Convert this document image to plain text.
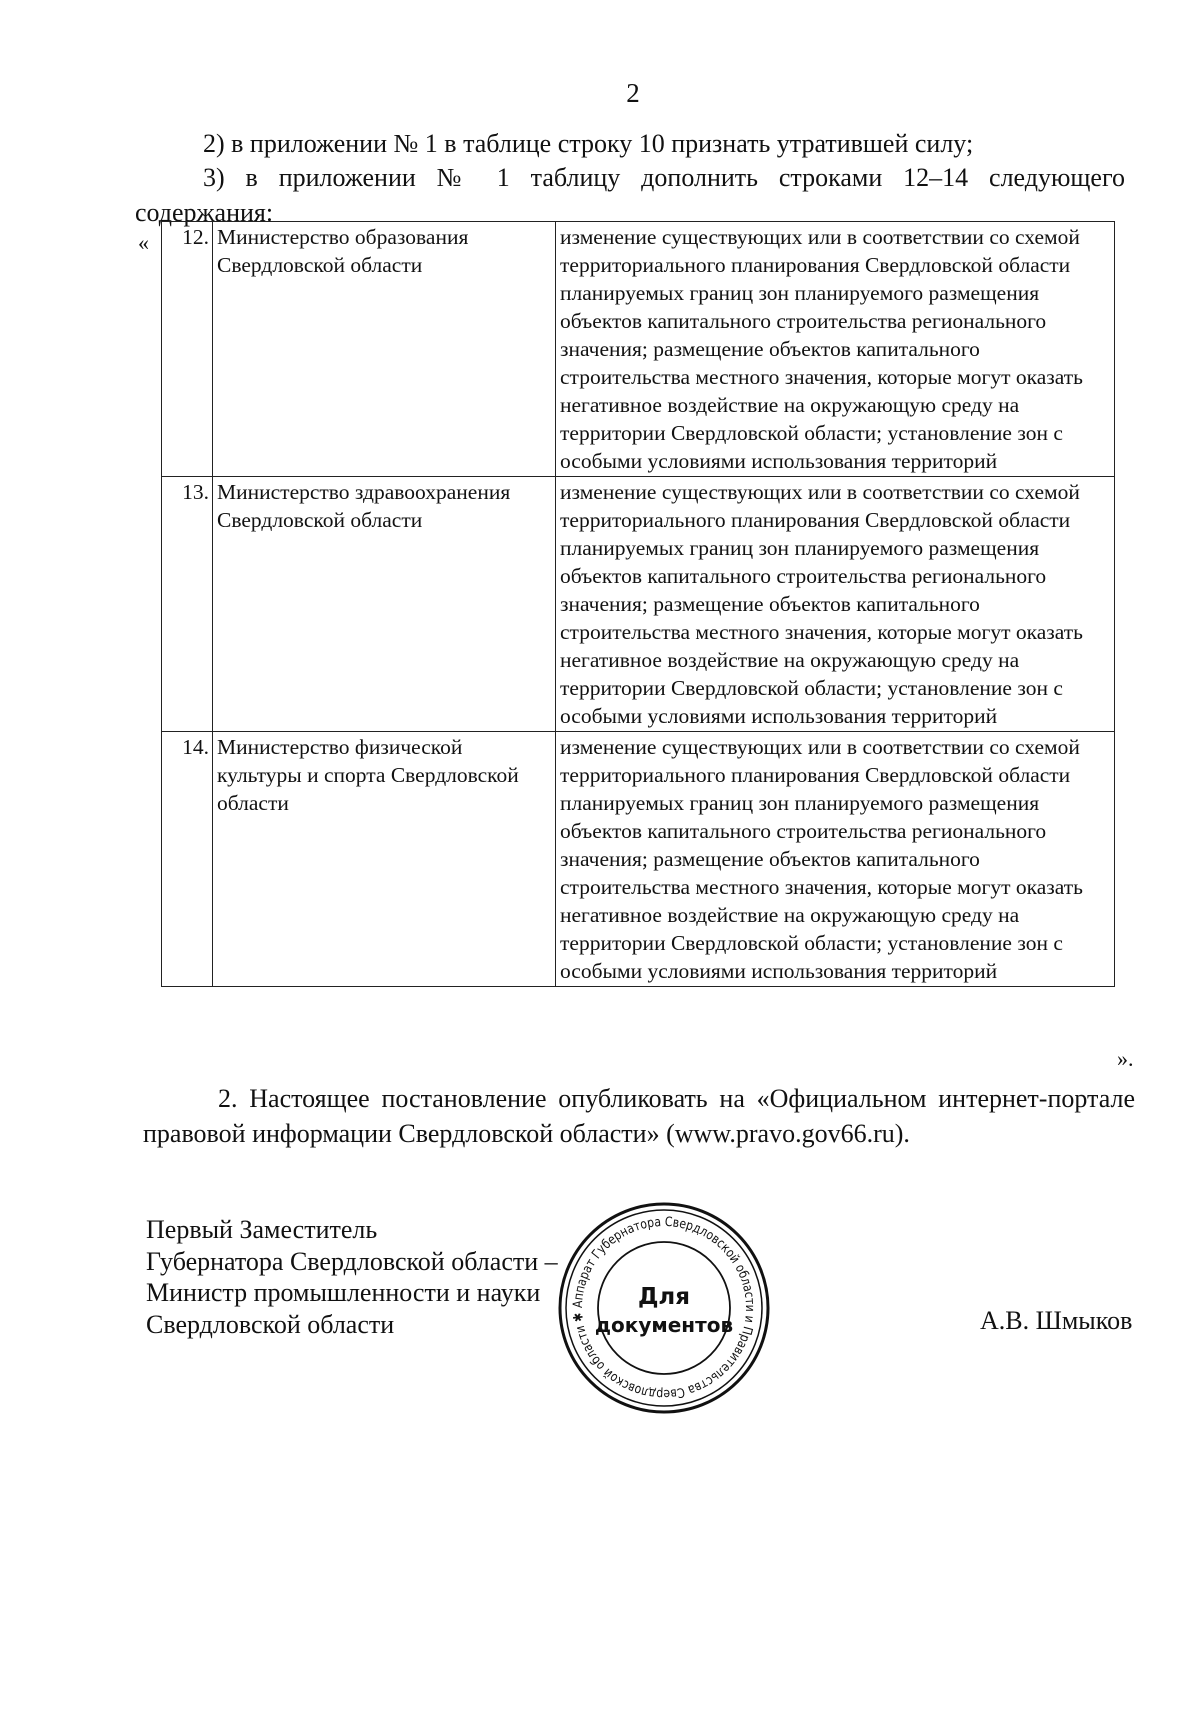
2
2) в приложении № 1 в таблице строку 10 признать утратившей силу;
3) в приложении № 1 таблицу дополнить строками 12–14 следующего содержания:
« 12.	Министерство образования Свердловской области	изменение существующих или в соответствии со схемой территориального планирования Свердловской области планируемых границ зон планируемого размещения объектов капитального строительства регионального значения; размещение объектов капитального строительства местного значения, которые могут оказать негативное воздействие на окружающую среду на территории Свердловской области; установление зон с особыми условиями использования территорий
13.	Министерство здравоохранения Свердловской области	изменение существующих или в соответствии со схемой территориального планирования Свердловской области планируемых границ зон планируемого размещения объектов капитального строительства регионального значения; размещение объектов капитального строительства местного значения, которые могут оказать негативное воздействие на окружающую среду на территории Свердловской области; установление зон с особыми условиями использования территорий
14.	Министерство физической культуры и спорта Свердловской области	изменение существующих или в соответствии со схемой территориального планирования Свердловской области планируемых границ зон планируемого размещения объектов капитального строительства регионального значения; размещение объектов капитального строительства местного значения, которые могут оказать негативное воздействие на окружающую среду на территории Свердловской области; установление зон с особыми условиями использования территорий
».
2. Настоящее постановление опубликовать на «Официальном интернет-портале правовой информации Свердловской области» (www.pravo.gov66.ru).
Первый Заместитель
Губернатора Свердловской области –
Министр промышленности и науки
Свердловской области
Аппарат Губернатора Свердловской области и Правительства Свердловской области ✱
Для
документов	А.В. Шмыков
